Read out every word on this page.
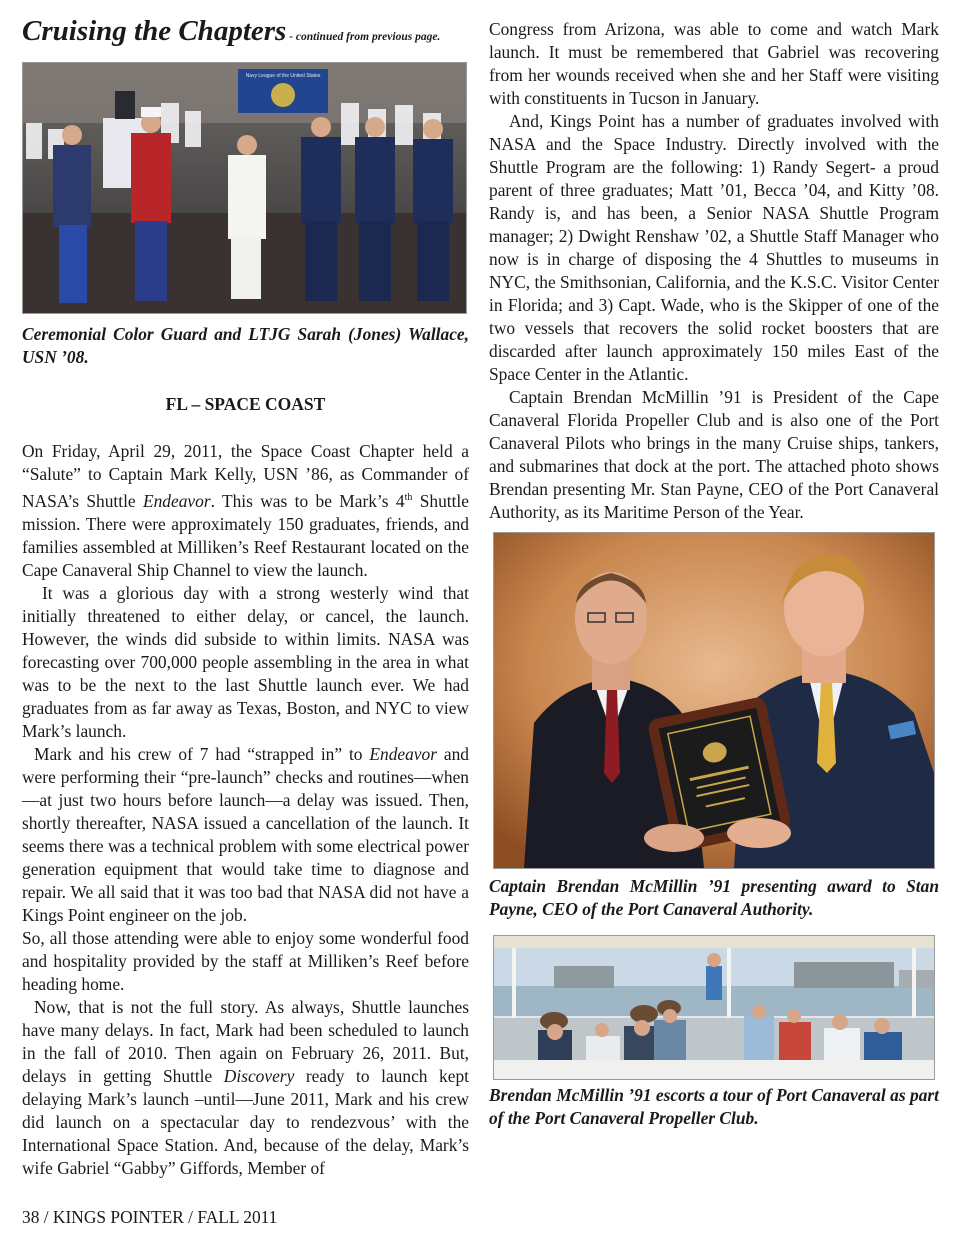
Cruising the Chapters - continued from previous page.
Navy League of the United States
Ceremonial Color Guard and LTJG Sarah (Jones) Wallace, USN ’08.
FL – SPACE COAST

On Friday, April 29, 2011, the Space Coast Chapter held a “Salute” to Captain Mark Kelly, USN ’86, as Commander of NASA’s Shuttle Endeavor. This was to be Mark’s 4th Shuttle mission. There were approximately 150 graduates, friends, and families assembled at Milliken’s Reef Restaurant located on the Cape Canaveral Ship Channel to view the launch.

It was a glorious day with a strong westerly wind that initially threatened to either delay, or cancel, the launch. However, the winds did subside to within limits. NASA was forecasting over 700,000 people assembling in the area in what was to be the next to the last Shuttle launch ever. We had graduates from as far away as Texas, Boston, and NYC to view Mark’s launch.

Mark and his crew of 7 had “strapped in” to Endeavor and were performing their “pre-launch” checks and routines—when—at just two hours before launch—a delay was issued. Then, shortly thereafter, NASA issued a cancellation of the launch. It seems there was a technical problem with some electrical power generation equipment that would take time to diagnose and repair. We all said that it was too bad that NASA did not have a Kings Point engineer on the job.

So, all those attending were able to enjoy some wonderful food and hospitality provided by the staff at Milliken’s Reef before heading home.

Now, that is not the full story. As always, Shuttle launches have many delays. In fact, Mark had been scheduled to launch in the fall of 2010. Then again on February 26, 2011. But, delays in getting Shuttle Discovery ready to launch kept delaying Mark’s launch –until—June 2011, Mark and his crew did launch on a spectacular day to rendezvous’ with the International Space Station. And, because of the delay, Mark’s wife Gabriel “Gabby” Giffords, Member of

Congress from Arizona, was able to come and watch Mark launch. It must be remembered that Gabriel was recovering from her wounds received when she and her Staff were visiting with constituents in Tucson in January.

And, Kings Point has a number of graduates involved with NASA and the Space Industry. Directly involved with the Shuttle Program are the following: 1) Randy Segert- a proud parent of three graduates; Matt ’01, Becca ’04, and Kitty ’08. Randy is, and has been, a Senior NASA Shuttle Program manager; 2) Dwight Renshaw ’02, a Shuttle Staff Manager who now is in charge of disposing the 4 Shuttles to museums in NYC, the Smithsonian, California, and the K.S.C. Visitor Center in Florida; and 3) Capt. Wade, who is the Skipper of one of the two vessels that recovers the solid rocket boosters that are discarded after launch approximately 150 miles East of the Space Center in the Atlantic.

Captain Brendan McMillin ’91 is President of the Cape Canaveral Florida Propeller Club and is also one of the Port Canaveral Pilots who brings in the many Cruise ships, tankers, and submarines that dock at the port. The attached photo shows Brendan presenting Mr. Stan Payne, CEO of the Port Canaveral Authority, as its Maritime Person of the Year.

Captain Brendan McMillin ’91 presenting award to Stan Payne, CEO of the Port Canaveral Authority.
Brendan McMillin ’91 escorts a tour of Port Canaveral as part of the Port Canaveral Propeller Club.
38 / KINGS POINTER / FALL 2011
